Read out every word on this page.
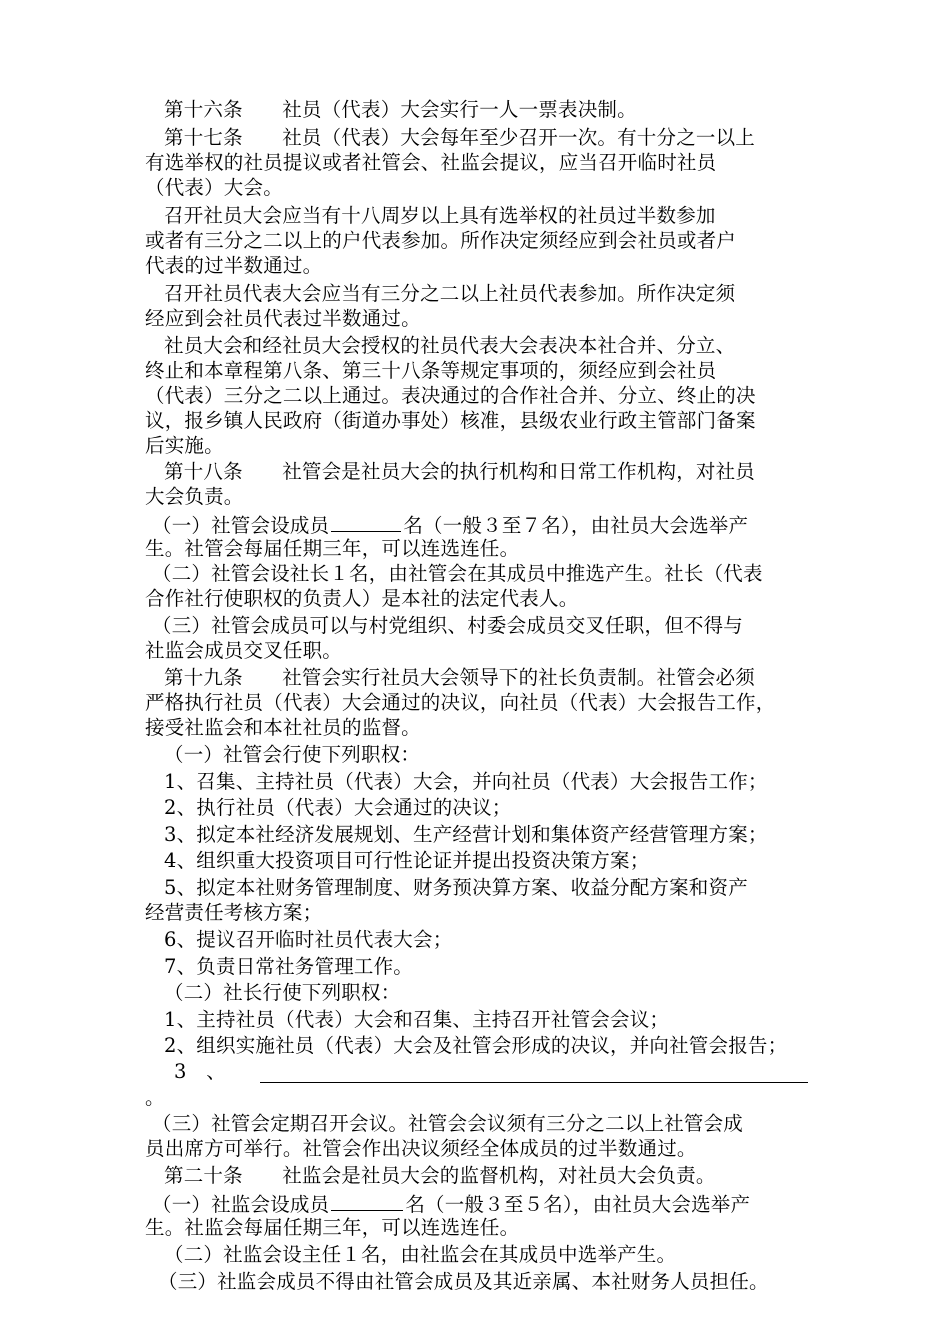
第十六条　　社员（代表）大会实行一人一票表决制。
第十七条　　社员（代表）大会每年至少召开一次。有十分之一以上
有选举权的社员提议或者社管会、社监会提议，应当召开临时社员
（代表）大会。
召开社员大会应当有十八周岁以上具有选举权的社员过半数参加
或者有三分之二以上的户代表参加。所作决定须经应到会社员或者户
代表的过半数通过。
召开社员代表大会应当有三分之二以上社员代表参加。所作决定须
经应到会社员代表过半数通过。
社员大会和经社员大会授权的社员代表大会表决本社合并、分立、
终止和本章程第八条、第三十八条等规定事项的，须经应到会社员
（代表）三分之二以上通过。表决通过的合作社合并、分立、终止的决
议，报乡镇人民政府（街道办事处）核准，县级农业行政主管部门备案
后实施。
第十八条　　社管会是社员大会的执行机构和日常工作机构，对社员
大会负责。
（一）社管会设成员	名（一般３至７名），由社员大会选举产
生。社管会每届任期三年，可以连选连任。
（二）社管会设社长１名，由社管会在其成员中推选产生。社长（代表
合作社行使职权的负责人）是本社的法定代表人。
（三）社管会成员可以与村党组织、村委会成员交叉任职，但不得与
社监会成员交叉任职。
第十九条　　社管会实行社员大会领导下的社长负责制。社管会必须
严格执行社员（代表）大会通过的决议，向社员（代表）大会报告工作，
接受社监会和本社社员的监督。
（一）社管会行使下列职权：
1、召集、主持社员（代表）大会，并向社员（代表）大会报告工作；
2、执行社员（代表）大会通过的决议；
3、拟定本社经济发展规划、生产经营计划和集体资产经营管理方案；
4、组织重大投资项目可行性论证并提出投资决策方案；
5、拟定本社财务管理制度、财务预决算方案、收益分配方案和资产
经营责任考核方案；
6、提议召开临时社员代表大会；
7、负责日常社务管理工作。
（二）社长行使下列职权：
1、主持社员（代表）大会和召集、主持召开社管会会议；
2、组织实施社员（代表）大会及社管会形成的决议，并向社管会报告；
3　、
。
（三）社管会定期召开会议。社管会会议须有三分之二以上社管会成
员出席方可举行。社管会作出决议须经全体成员的过半数通过。
第二十条　　社监会是社员大会的监督机构，对社员大会负责。
（一）社监会设成员	名（一般３至５名），由社员大会选举产
生。社监会每届任期三年，可以连选连任。
（二）社监会设主任１名，由社监会在其成员中选举产生。
（三）社监会成员不得由社管会成员及其近亲属、本社财务人员担任。
